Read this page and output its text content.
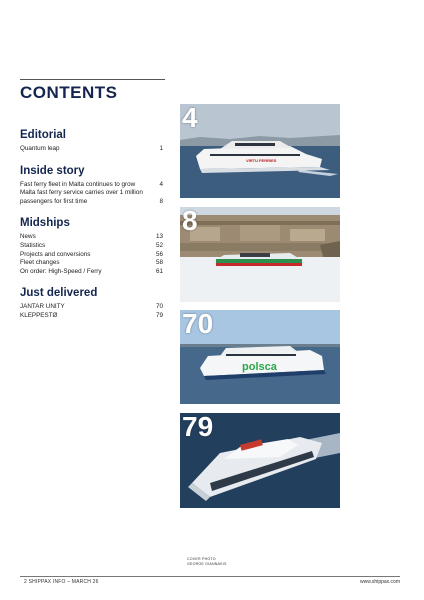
CONTENTS
Editorial
Quantum leap	1
Inside story
Fast ferry fleet in Malta continues to grow	4
Malta fast ferry service carries over 1 million passengers for first time	8
Midships
News	13
Statistics	52
Projects and conversions	56
Fleet changes	58
On order: High-Speed / Ferry	61
Just delivered
JANTAR UNITY	70
KLEPPESTØ	79
VIRTU FERRIES
4
8
polsca
70
79
COVER PHOTO
GEORGE GIANNAKIS
2 SHIPPAX INFO – MARCH 26	www.shippax.com
